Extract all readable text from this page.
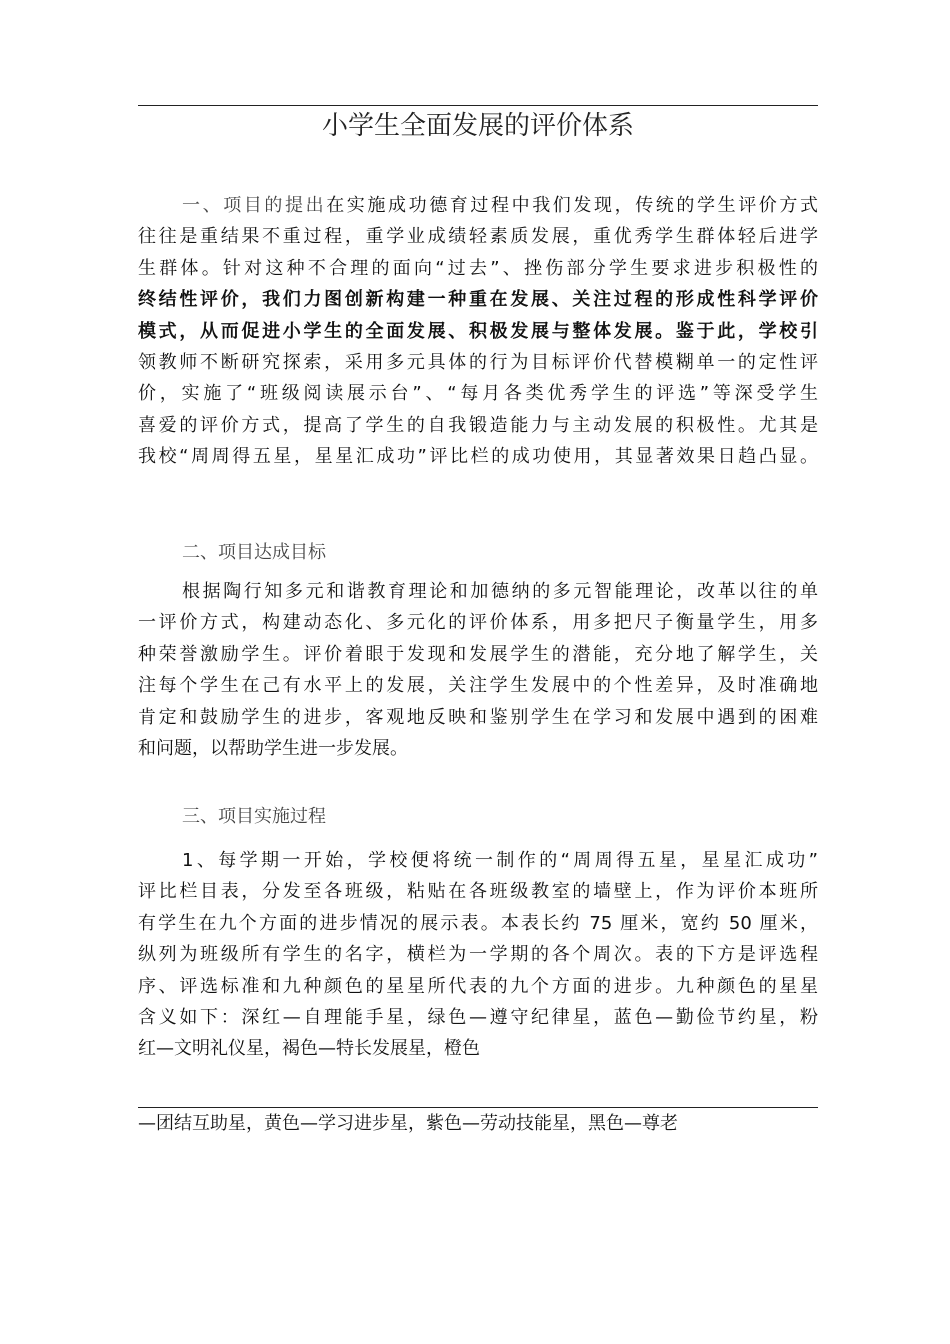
小学生全面发展的评价体系
一、项目的提出在实施成功德育过程中我们发现，传统的学生评价方式
往往是重结果不重过程，重学业成绩轻素质发展，重优秀学生群体轻后进学
生群体。针对这种不合理的面向“过去”、挫伤部分学生要求进步积极性的
终结性评价，我们力图创新构建一种重在发展、关注过程的形成性科学评价
模式，从而促进小学生的全面发展、积极发展与整体发展。鉴于此，学校引
领教师不断研究探索，采用多元具体的行为目标评价代替模糊单一的定性评
价，实施了“班级阅读展示台”、“每月各类优秀学生的评选”等深受学生
喜爱的评价方式，提高了学生的自我锻造能力与主动发展的积极性。尤其是
我校“周周得五星，星星汇成功”评比栏的成功使用，其显著效果日趋凸显。
二、项目达成目标
根据陶行知多元和谐教育理论和加德纳的多元智能理论，改革以往的单
一评价方式，构建动态化、多元化的评价体系，用多把尺子衡量学生，用多
种荣誉激励学生。评价着眼于发现和发展学生的潜能，充分地了解学生，关
注每个学生在己有水平上的发展，关注学生发展中的个性差异，及时准确地
肯定和鼓励学生的进步，客观地反映和鉴别学生在学习和发展中遇到的困难
和问题，以帮助学生进一步发展。
三、项目实施过程
1、每学期一开始，学校便将统一制作的“周周得五星，星星汇成功”
评比栏目表，分发至各班级，粘贴在各班级教室的墙壁上，作为评价本班所
有学生在九个方面的进步情况的展示表。本表长约 75 厘米，宽约 50 厘米，
纵列为班级所有学生的名字，横栏为一学期的各个周次。表的下方是评选程
序、评选标准和九种颜色的星星所代表的九个方面的进步。九种颜色的星星
含义如下：深红—自理能手星，绿色—遵守纪律星，蓝色—勤俭节约星，粉
红—文明礼仪星，褐色—特长发展星，橙色
—团结互助星，黄色—学习进步星，紫色—劳动技能星，黑色—尊老
